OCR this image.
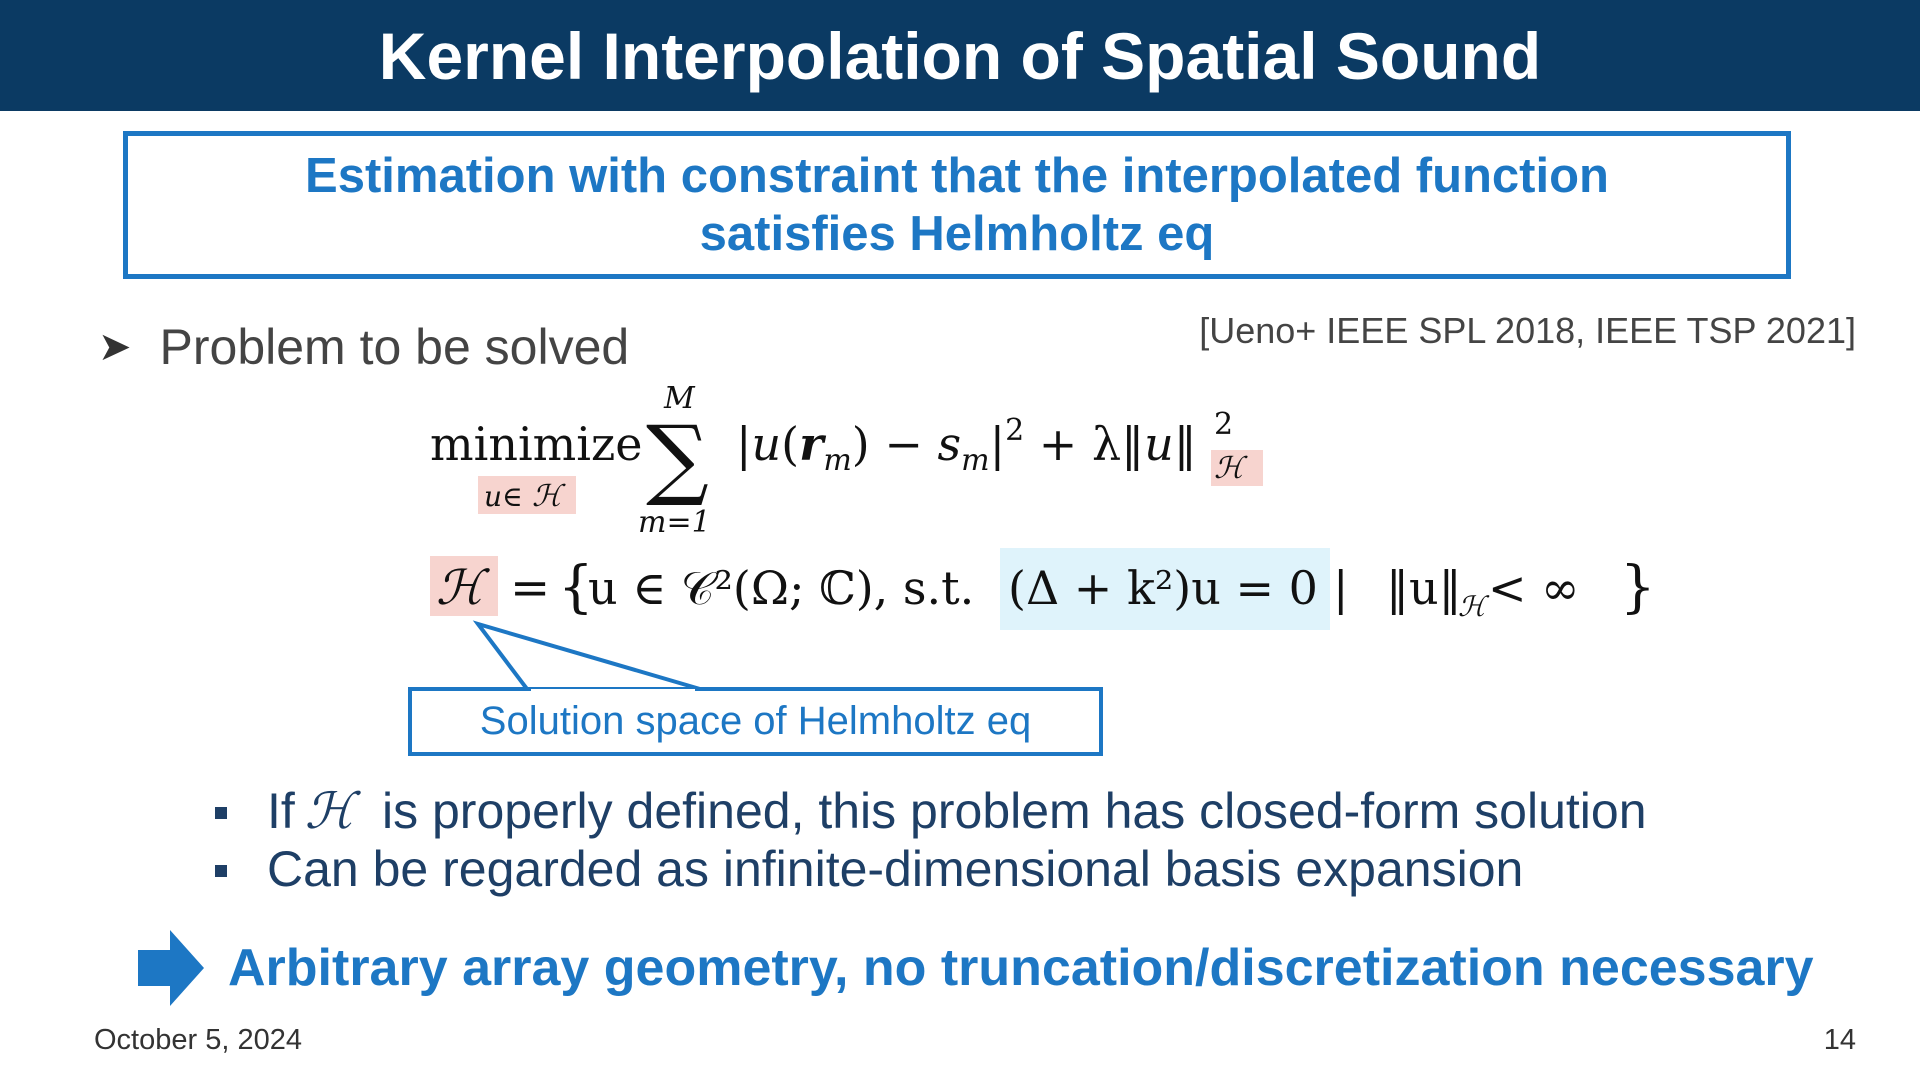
Kernel Interpolation of Spatial Sound
Estimation with constraint that the interpolated function
satisfies Helmholtz eq
➤ Problem to be solved	[Ueno+ IEEE SPL 2018, IEEE TSP 2021]
minimize
u∈ ℋ
M
∑
m=1
$|u(r_m) - s_m|^2$ + λ‖u‖ 2
ℋ
ℋ = {
u ∈ 𝒞²(Ω; ℂ), s.t. (Δ + k²)u = 0 | ‖u‖
ℋ < ∞ }
Solution space of Helmholtz eq
If ℋ is properly defined, this problem has closed-form solution
Can be regarded as infinite-dimensional basis expansion
Arbitrary array geometry, no truncation/discretization necessary
October 5, 2024	14
